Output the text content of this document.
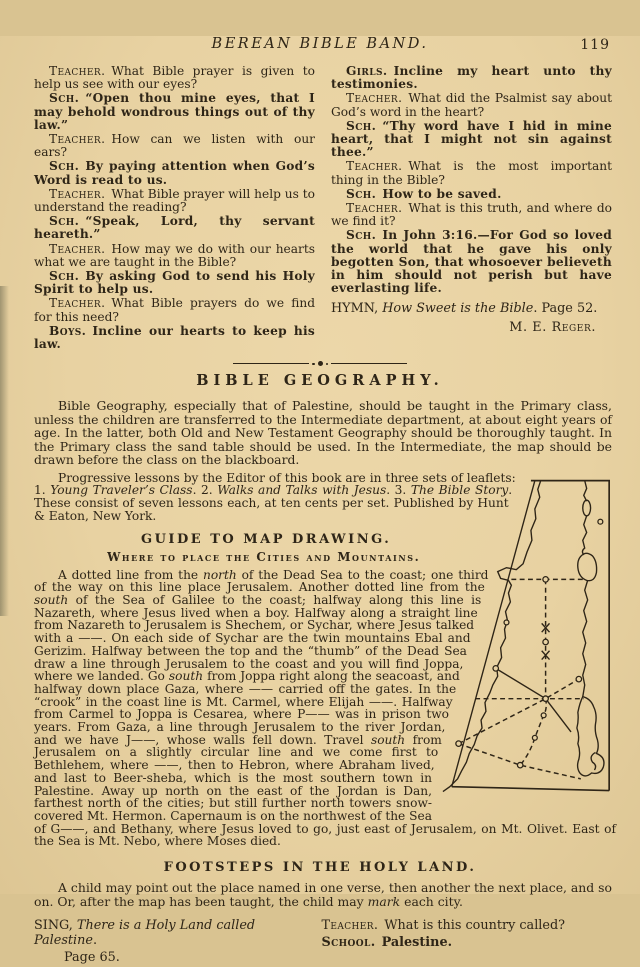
BEREAN BIBLE BAND.	119

Teacher. What Bible prayer is given to help us see with our eyes?

Sch. “Open thou mine eyes, that I may behold wondrous things out of thy law.”

Teacher. How can we listen with our ears?

Sch. By paying attention when God’s Word is read to us.

Teacher. What Bible prayer will help us to understand the reading?

Sch. “Speak, Lord, thy servant heareth.”

Teacher. How may we do with our hearts what we are taught in the Bible?

Sch. By asking God to send his Holy Spirit to help us.

Teacher. What Bible prayers do we find for this need?

Boys. Incline our hearts to keep his law.

Girls. Incline my heart unto thy testimonies.

Teacher. What did the Psalmist say about God’s word in the heart?

Sch. “Thy word have I hid in mine heart, that I might not sin against thee.”

Teacher. What is the most important thing in the Bible?

Sch. How to be saved.

Teacher. What is this truth, and where do we find it?

Sch. In John 3:16.—For God so loved the world that he gave his only begotten Son, that whosoever believeth in him should not perish but have everlasting life.

HYMN, How Sweet is the Bible. Page 52.

M. E. Reger.

BIBLE GEOGRAPHY.

Bible Geography, especially that of Palestine, should be taught in the Primary class, unless the children are transferred to the Intermediate department, at about eight years of age. In the latter, both Old and New Testament Geography should be thoroughly taught. In the Primary class the sand table should be used. In the Intermediate, the map should be drawn before the class on the blackboard.

Progressive lessons by the Editor of this book are in three sets of leaflets: 1. Young Traveler’s Class. 2. Walks and Talks with Jesus. 3. The Bible Story. These consist of seven lessons each, at ten cents per set. Published by Hunt & Eaton, New York.

GUIDE TO MAP DRAWING.
Where to place the Cities and Mountains.

A dotted line from the north of the Dead Sea to the coast; one third of the way on this line place Jerusalem. Another dotted line from the south of the Sea of Galilee to the coast; halfway along this line is Nazareth, where Jesus lived when a boy. Halfway along a straight line from Nazareth to Jerusalem is Shechem, or Sychar, where Jesus talked with a ——. On each side of Sychar are the twin mountains Ebal and Gerizim. Halfway between the top and the “thumb” of the Dead Sea draw a line through Jerusalem to the coast and you will find Joppa, where we landed. Go south from Joppa right along the seacoast, and halfway down place Gaza, where —— carried off the gates. In the “crook” in the coast line is Mt. Carmel, where Elijah ——. Halfway from Carmel to Joppa is Cesarea, where P—— was in prison two years. From Gaza, a line through Jerusalem to the river Jordan, and we have J——, whose walls fell down. Travel south from Jerusalem on a slightly circular line and we come first to Bethlehem, where ——, then to Hebron, where Abraham lived, and last to Beer-sheba, which is the most southern town in Palestine. Away up north on the east of the Jordan is Dan, farthest north of the cities; but still further north towers snow-covered Mt. Hermon. Capernaum is on the northwest of the Sea of G——, and Bethany, where Jesus loved to go, just east of Jerusalem, on Mt. Olivet. East of the Sea is Mt. Nebo, where Moses died.

FOOTSTEPS IN THE HOLY LAND.

A child may point out the place named in one verse, then another the next place, and so on. Or, after the map has been taught, the child may mark each city.

SING, There is a Holy Land called Palestine.

Page 65.

Teacher. What is this country called?

School. Palestine.
